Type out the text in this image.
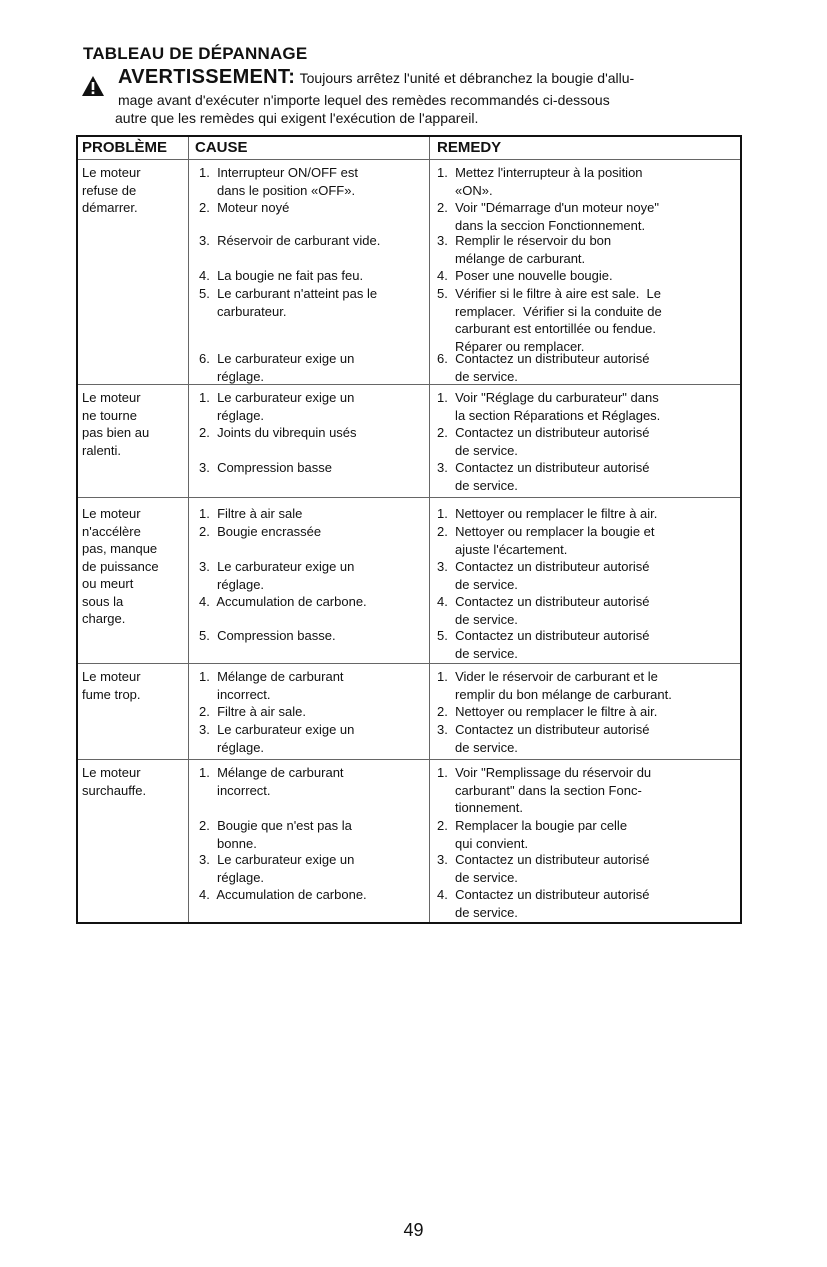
TABLEAU DE DÉPANNAGE
AVERTISSEMENT: Toujours arrêtez l'unité et débranchez la bougie d'allu-
mage avant d'exécuter n'importe lequel des remèdes recommandés ci-dessous
autre que les remèdes qui exigent l'exécution de l'appareil.
PROBLÈME CAUSE	REMEDY
Le moteur
refuse de
démarrer.
1.  Interrupteur ON/OFF est
dans le position «OFF».
2.  Moteur noyé
3.  Réservoir de carburant vide.
4.  La bougie ne fait pas feu.
5.  Le carburant n'atteint pas le
carburateur.
6.  Le carburateur exige un
réglage.
1.  Mettez l'interrupteur à la position
«ON».
2.  Voir "Démarrage d'un moteur noye"
dans la seccion Fonctionnement.
3.  Remplir le réservoir du bon
mélange de carburant.
4.  Poser une nouvelle bougie.
5.  Vérifier si le filtre à aire est sale.  Le
remplacer.  Vérifier si la conduite de
carburant est entortillée ou fendue.
Réparer ou remplacer.
6.  Contactez un distributeur autorisé
de service.
Le moteur
ne tourne
pas bien au
ralenti.
1.  Le carburateur exige un
réglage.
2.  Joints du vibrequin usés
3.  Compression basse
1.  Voir "Réglage du carburateur" dans
la section Réparations et Réglages.
2.  Contactez un distributeur autorisé
de service.
3.  Contactez un distributeur autorisé
de service.
Le moteur
n'accélère
pas, manque
de puissance
ou meurt
sous la
charge.
1.  Filtre à air sale
2.  Bougie encrassée
3.  Le carburateur exige un
réglage.
4.  Accumulation de carbone.
5.  Compression basse.
1.  Nettoyer ou remplacer le filtre à air.
2.  Nettoyer ou remplacer la bougie et
ajuste l'écartement.
3.  Contactez un distributeur autorisé
de service.
4.  Contactez un distributeur autorisé
de service.
5.  Contactez un distributeur autorisé
de service.
Le moteur
fume trop.
1.  Mélange de carburant
incorrect.
2.  Filtre à air sale.
3.  Le carburateur exige un
réglage.
1.  Vider le réservoir de carburant et le
remplir du bon mélange de carburant.
2.  Nettoyer ou remplacer le filtre à air.
3.  Contactez un distributeur autorisé
de service.
Le moteur
surchauffe.
1.  Mélange de carburant
incorrect.
2.  Bougie que n'est pas la
bonne.
3.  Le carburateur exige un
réglage.
4.  Accumulation de carbone.
1.  Voir "Remplissage du réservoir du
carburant" dans la section Fonc-
tionnement.
2.  Remplacer la bougie par celle
qui convient.
3.  Contactez un distributeur autorisé
de service.
4.  Contactez un distributeur autorisé
de service.
49
